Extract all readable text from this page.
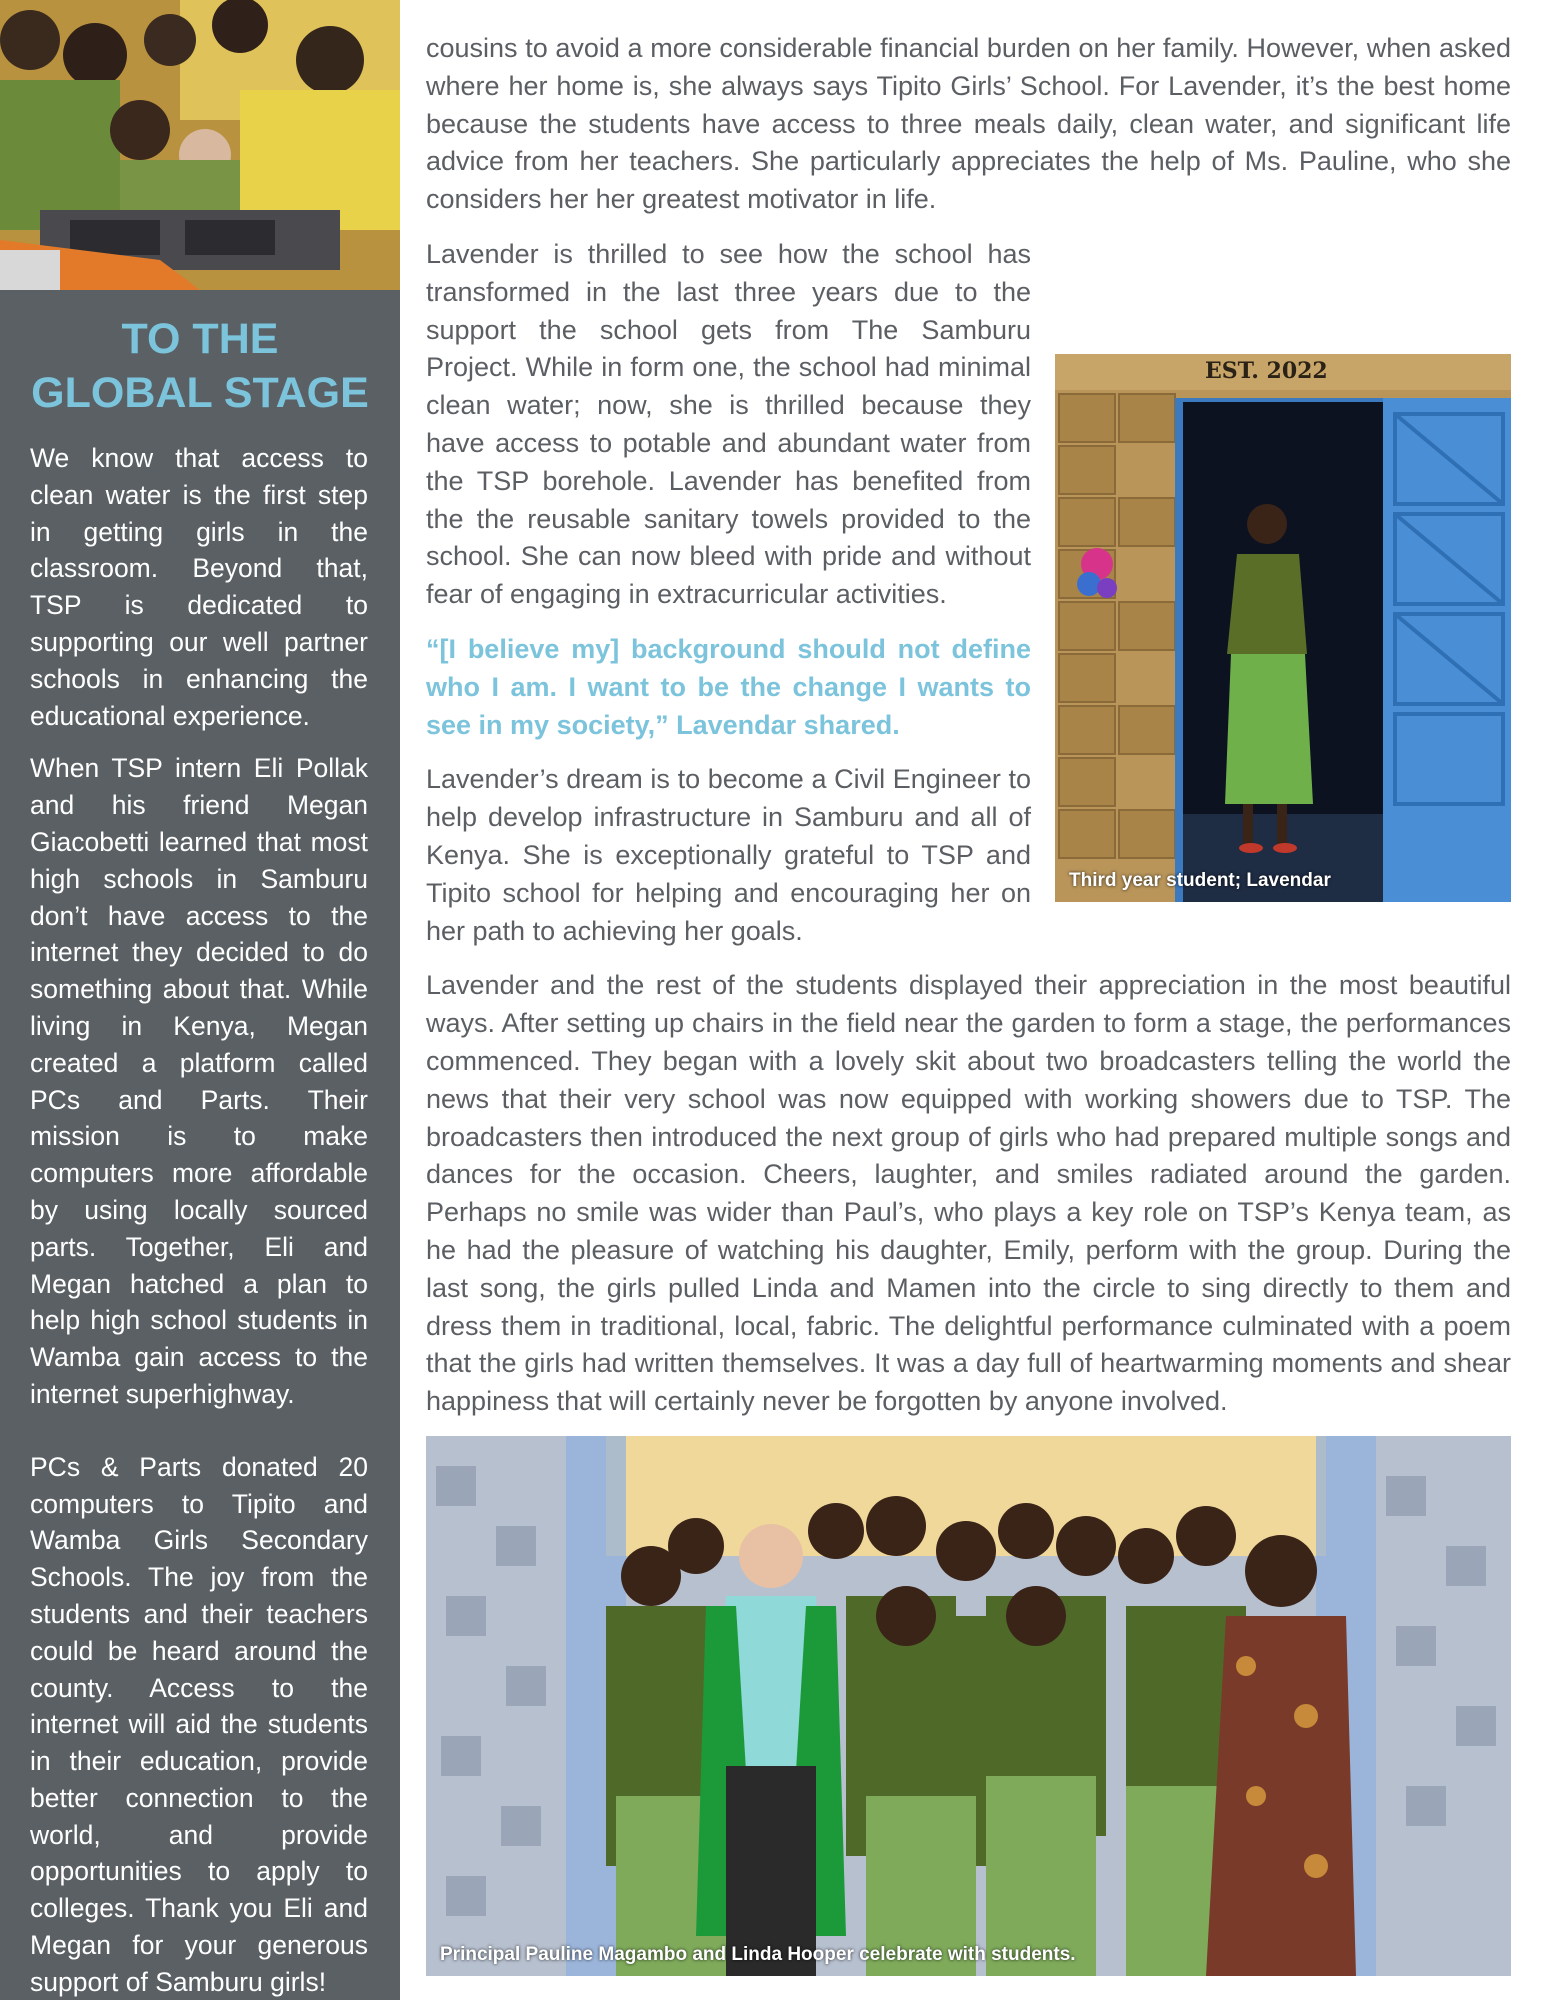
TO THE
GLOBAL STAGE

We know that access to clean water is the first step in getting girls in the classroom. Beyond that, TSP is dedicated to supporting our well partner schools in enhancing the educational experience.

When TSP intern Eli Pollak and his friend Megan Giacobetti learned that most high schools in Samburu don’t have access to the internet they decided to do something about that. While living in Kenya, Megan created a platform called PCs and Parts. Their mission is to make computers more affordable by using locally sourced parts. Together, Eli and Megan hatched a plan to help high school students in Wamba gain access to the internet superhighway.

PCs & Parts donated 20 computers to Tipito and Wamba Girls Secondary Schools. The joy from the students and their teachers could be heard around the county. Access to the internet will aid the students in their education, provide better connection to the world, and provide opportunities to apply to colleges. Thank you Eli and Megan for your generous support of Samburu girls!

cousins to avoid a more considerable financial burden on her family. However, when asked where her home is, she always says Tipito Girls’ School. For Lavender, it’s the best home because the students have access to three meals daily, clean water, and significant life advice from her teachers. She particularly appreciates the help of Ms. Pauline, who she considers her her greatest motivator in life.

EST. 2022
Third year student; Lavendar

Lavender is thrilled to see how the school has transformed in the last three years due to the support the school gets from The Samburu Project. While in form one, the school had minimal clean water; now, she is thrilled because they have access to potable and abundant water from the TSP borehole. Lavender has benefited from the the reusable sanitary towels provided to the school. She can now bleed with pride and without fear of engaging in extracurricular activities.

“[I believe my] background should not define who I am. I want to be the change I wants to see in my society,” Lavendar shared.

Lavender’s dream is to become a Civil Engineer to help develop infrastructure in Samburu and all of Kenya. She is exceptionally grateful to TSP and Tipito school for helping and encouraging her on her path to achieving her goals.

Lavender and the rest of the students displayed their appreciation in the most beautiful ways. After setting up chairs in the field near the garden to form a stage, the performances commenced. They began with a lovely skit about two broadcasters telling the world the news that their very school was now equipped with working showers due to TSP. The broadcasters then introduced the next group of girls who had prepared multiple songs and dances for the occasion. Cheers, laughter, and smiles radiated around the garden. Perhaps no smile was wider than Paul’s, who plays a key role on TSP’s Kenya team, as he had the pleasure of watching his daughter, Emily, perform with the group. During the last song, the girls pulled Linda and Mamen into the circle to sing directly to them and dress them in traditional, local, fabric. The delightful performance culminated with a poem that the girls had written themselves. It was a day full of heartwarming moments and shear happiness that will certainly never be forgotten by anyone involved.

Principal Pauline Magambo and Linda Hooper celebrate with students.
